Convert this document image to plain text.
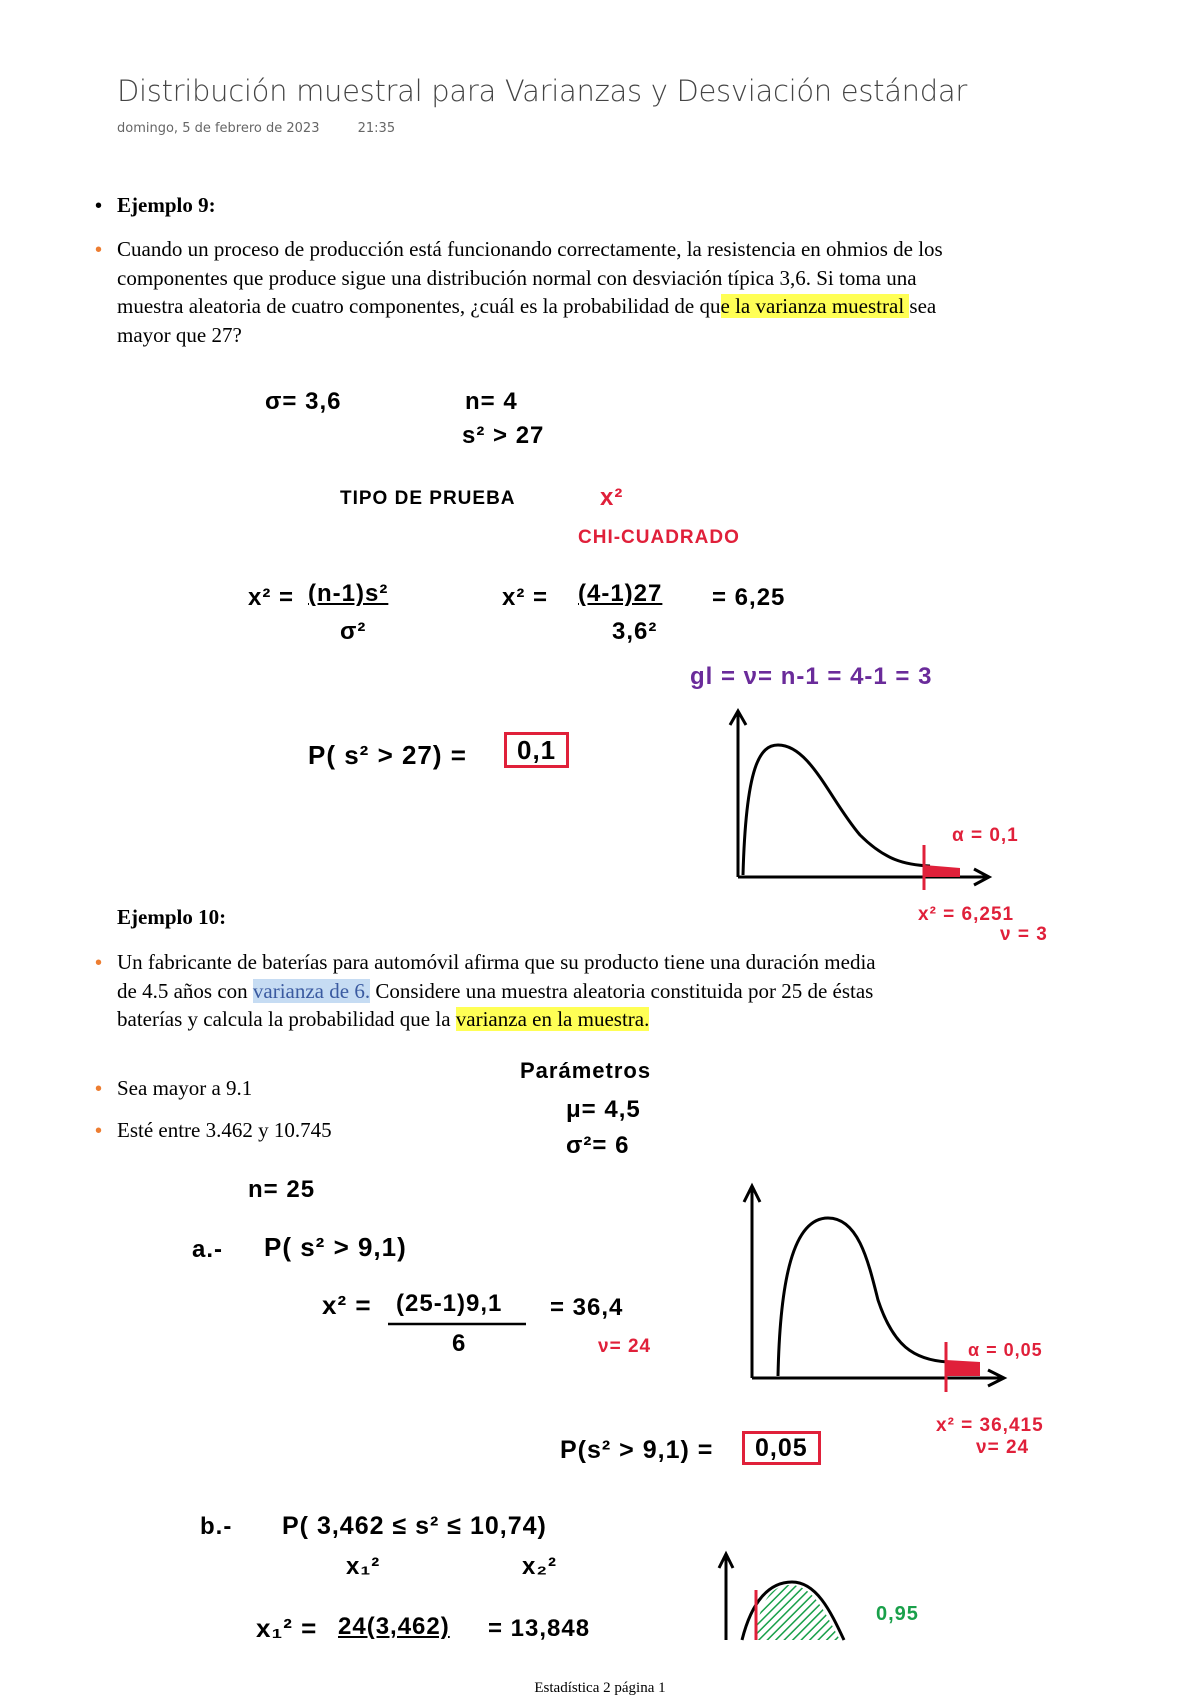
Distribución muestral para Varianzas y Desviación estándar
domingo, 5 de febrero de 2023	21:35
• Ejemplo 9:
• Cuando un proceso de producción está funcionando correctamente, la resistencia en ohmios de los componentes que produce sigue una distribución normal con desviación típica 3,6. Si toma una muestra aleatoria de cuatro componentes, ¿cuál es la probabilidad de que la varianza muestral sea mayor que 27?
σ= 3,6	n= 4
s² > 27
TIPO DE PRUEBA	x²
CHI-CUADRADO
x² = (n-1)s²
σ²
x² = (4-1)27
3,6²
= 6,25
gl = ν= n-1 = 4-1 = 3
P( s² > 27) =	0,1
α = 0,1
x² = 6,251
ν = 3
Ejemplo 10:
• Un fabricante de baterías para automóvil afirma que su producto tiene una duración media de 4.5 años con varianza de 6. Considere una muestra aleatoria constituida por 25 de éstas baterías y calcula la probabilidad que la varianza en la muestra.
• Sea mayor a 9.1
• Esté entre 3.462 y 10.745
Parámetros
μ= 4,5
σ²= 6
n= 25
a.- P( s² > 9,1)
x² = (25-1)9,1
6
= 36,4
ν= 24	α = 0,05
x² = 36,415
ν= 24
P(s² > 9,1) =	0,05
b.- P( 3,462 ≤ s² ≤ 10,74)
x₁²	x₂²
x₁² = 24(3,462) = 13,848
0,95
Estadística 2 página 1
